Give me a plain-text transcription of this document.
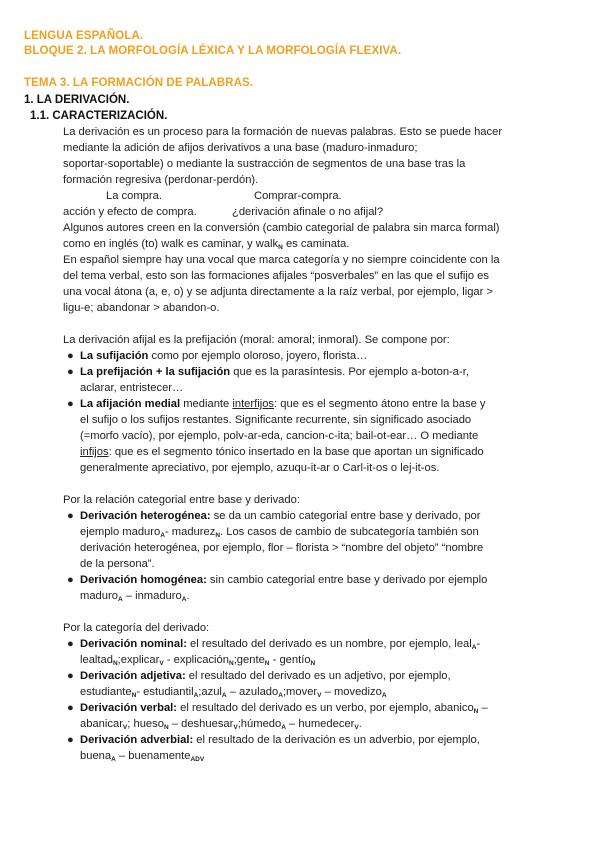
LENGUA ESPAÑOLA.
BLOQUE 2. LA MORFOLOGÍA LÉXICA Y LA MORFOLOGÍA FLEXIVA.
TEMA 3. LA FORMACIÓN DE PALABRAS.
1. LA DERIVACIÓN.
1.1. CARACTERIZACIÓN.
La derivación es un proceso para la formación de nuevas palabras. Esto se puede hacer
mediante la adición de afijos derivativos a una base (maduro-inmaduro;
soportar-soportable) o mediante la sustracción de segmentos de una base tras la
formación regresiva (perdonar-perdón).
La compra.	Comprar-compra.
acción y efecto de compra.	¿derivación afinale o no afijal?
Algunos autores creen en la conversión (cambio categorial de palabra sin marca formal)
como en inglés (to) walk es caminar, y walk$_N$ es caminata.
En español siempre hay una vocal que marca categoría y no siempre coincidente con la
del tema verbal, esto son las formaciones afijales “posverbales” en las que el sufijo es
una vocal átona (a, e, o) y se adjunta directamente a la raíz verbal, por ejemplo, ligar >
ligu-e; abandonar > abandon-o.
La derivación afijal es la prefijación (moral: amoral; inmoral). Se compone por:
● La sufijación como por ejemplo oloroso, joyero, florista…
● La prefijación + la sufijación que es la parasíntesis. Por ejemplo a-boton-a-r,
aclarar, entristecer…
● La afijación medial mediante interfijos: que es el segmento átono entre la base y
el sufijo o los sufijos restantes. Significante recurrente, sin significado asociado
(=morfo vacío), por ejemplo, polv-ar-eda, cancion-c-ita; bail-ot-ear… O mediante
infijos: que es el segmento tónico insertado en la base que aportan un significado
generalmente apreciativo, por ejemplo, azuqu-it-ar o Carl-it-os o lej-it-os.
Por la relación categorial entre base y derivado:
● Derivación heterogénea: se da un cambio categorial entre base y derivado, por
ejemplo maduro$_A$- madurez$_N$. Los casos de cambio de subcategoría también son
derivación heterogénea, por ejemplo, flor – florista > “nombre del objeto” “nombre
de la persona”.
● Derivación homogénea: sin cambio categorial entre base y derivado por ejemplo
maduro$_A$ – inmaduro$_A$.
Por la categoría del derivado:
● Derivación nominal: el resultado del derivado es un nombre, por ejemplo, leal$_A$-
lealtad$_N$;explicar$_V$ - explicación$_N$;gente$_N$ - gentío$_N$
● Derivación adjetiva: el resultado del derivado es un adjetivo, por ejemplo,
estudiante$_N$- estudiantil$_A$;azul$_A$ – azulado$_A$;mover$_V$ – movedizo$_A$
● Derivación verbal: el resultado del derivado es un verbo, por ejemplo, abanico$_N$ –
abanicar$_V$; hueso$_N$ – deshuesar$_V$;húmedo$_A$ – humedecer$_V$.
● Derivación adverbial: el resultado de la derivación es un adverbio, por ejemplo,
buena$_A$ – buenamente$_{ADV}$
